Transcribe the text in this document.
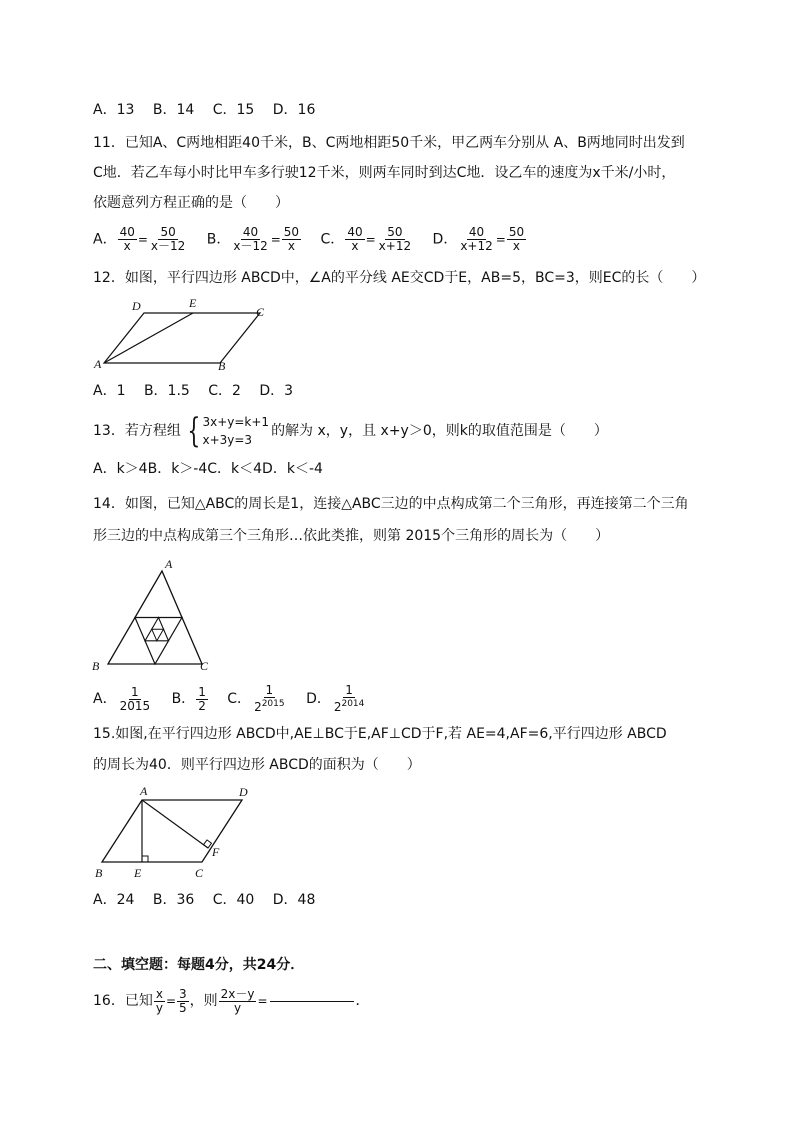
A．13 B．14 C．15 D．16
11．已知A、C两地相距40千米，B、C两地相距50千米，甲乙两车分别从 A、B两地同时出发到
C地．若乙车每小时比甲车多行驶12千米，则两车同时到达C地．设乙车的速度为x千米/小时，
依题意列方程正确的是（　　）
A． $\frac{40}{x} = \frac{50}{x-12}$ B． $\frac{40}{x-12} = \frac{50}{x}$ C． $\frac{40}{x} = \frac{50}{x+12}$ D． $\frac{40}{x+12} = \frac{50}{x}$
12．如图，平行四边形 ABCD中，∠A的平分线 AE交CD于E，AB=5，BC=3，则EC的长（　　）
D	E
C
A	B
A．1 B．1.5 C．2 D．3
13．若方程组 { 3x+y=k+1
x+3y=3
的解为 x，y，且 x+y＞0，则k的取值范围是（　　）
A．k＞4B．k＞-4C．k＜4D．k＜-4
14．如图，已知△ABC的周长是1，连接△ABC三边的中点构成第二个三角形，再连接第二个三角
形三边的中点构成第三个三角形…依此类推，则第 2015个三角形的周长为（　　）
A
B	C
A． $\frac{1}{2015}$ B． $\frac{1}{2}$ C． $\frac{1}{2^{2015}}$ D． $\frac{1}{2^{2014}}$
15.如图,在平行四边形 ABCD中,AE⊥BC于E,AF⊥CD于F,若 AE=4,AF=6,平行四边形 ABCD
的周长为40．则平行四边形 ABCD的面积为（　　）
A	D
F
B	E	C
A．24 B．36 C．40 D．48
二、填空题：每题4分，共24分．
16．已知 $\frac{x}{y} = \frac{3}{5}$ ，则 $\frac{2x-y}{y}$ =	．
